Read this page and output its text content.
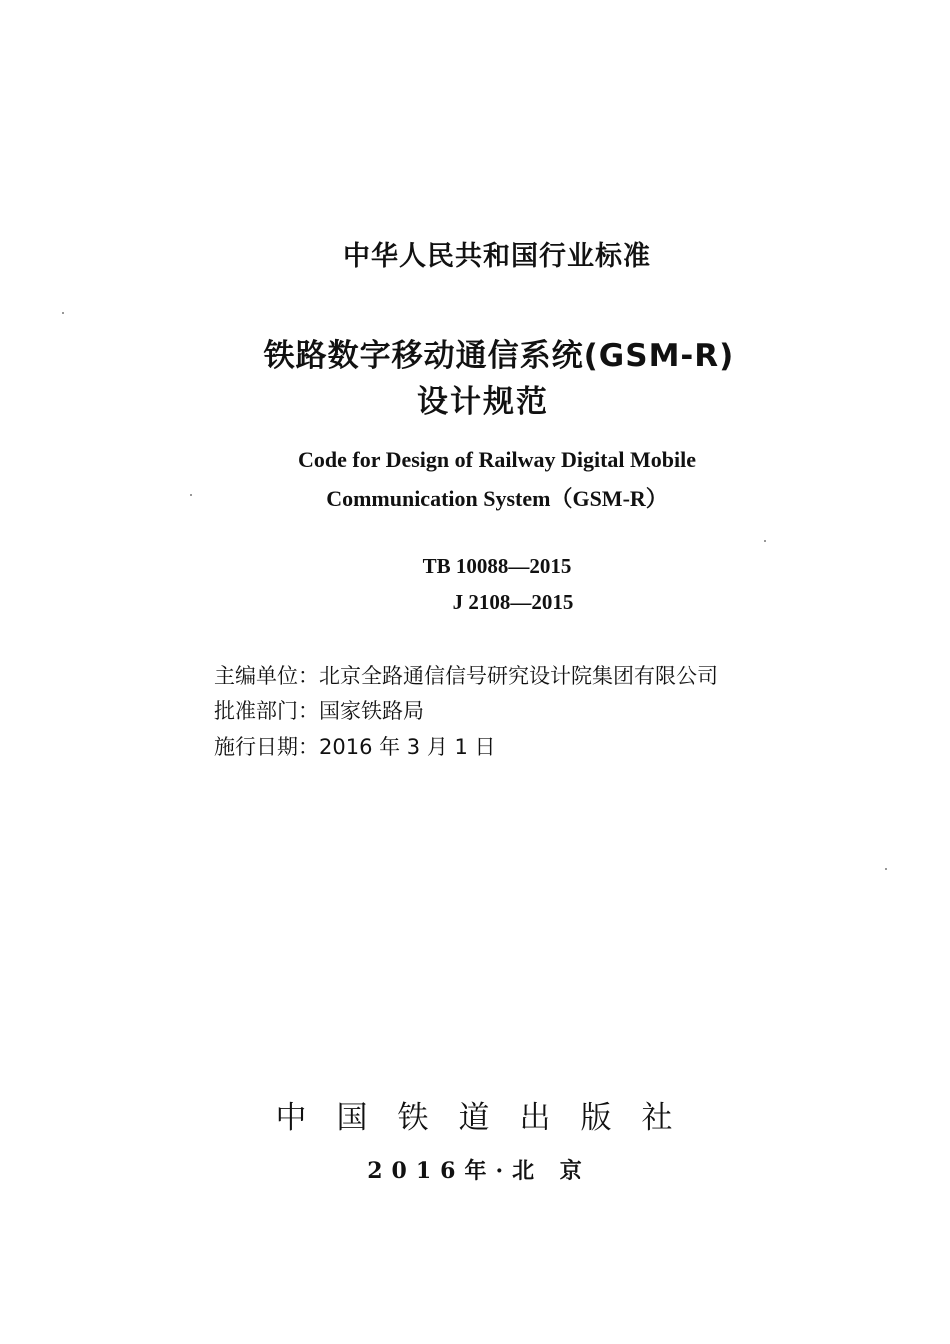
中华人民共和国行业标准
铁路数字移动通信系统(GSM-R)
设计规范
Code for Design of Railway Digital Mobile
Communication System（GSM-R）
TB 10088—2015
J 2108—2015
主编单位：北京全路通信信号研究设计院集团有限公司
批准部门：国家铁路局
施行日期：2016 年 3 月 1 日
中国铁道出版社
2016年·北 京
